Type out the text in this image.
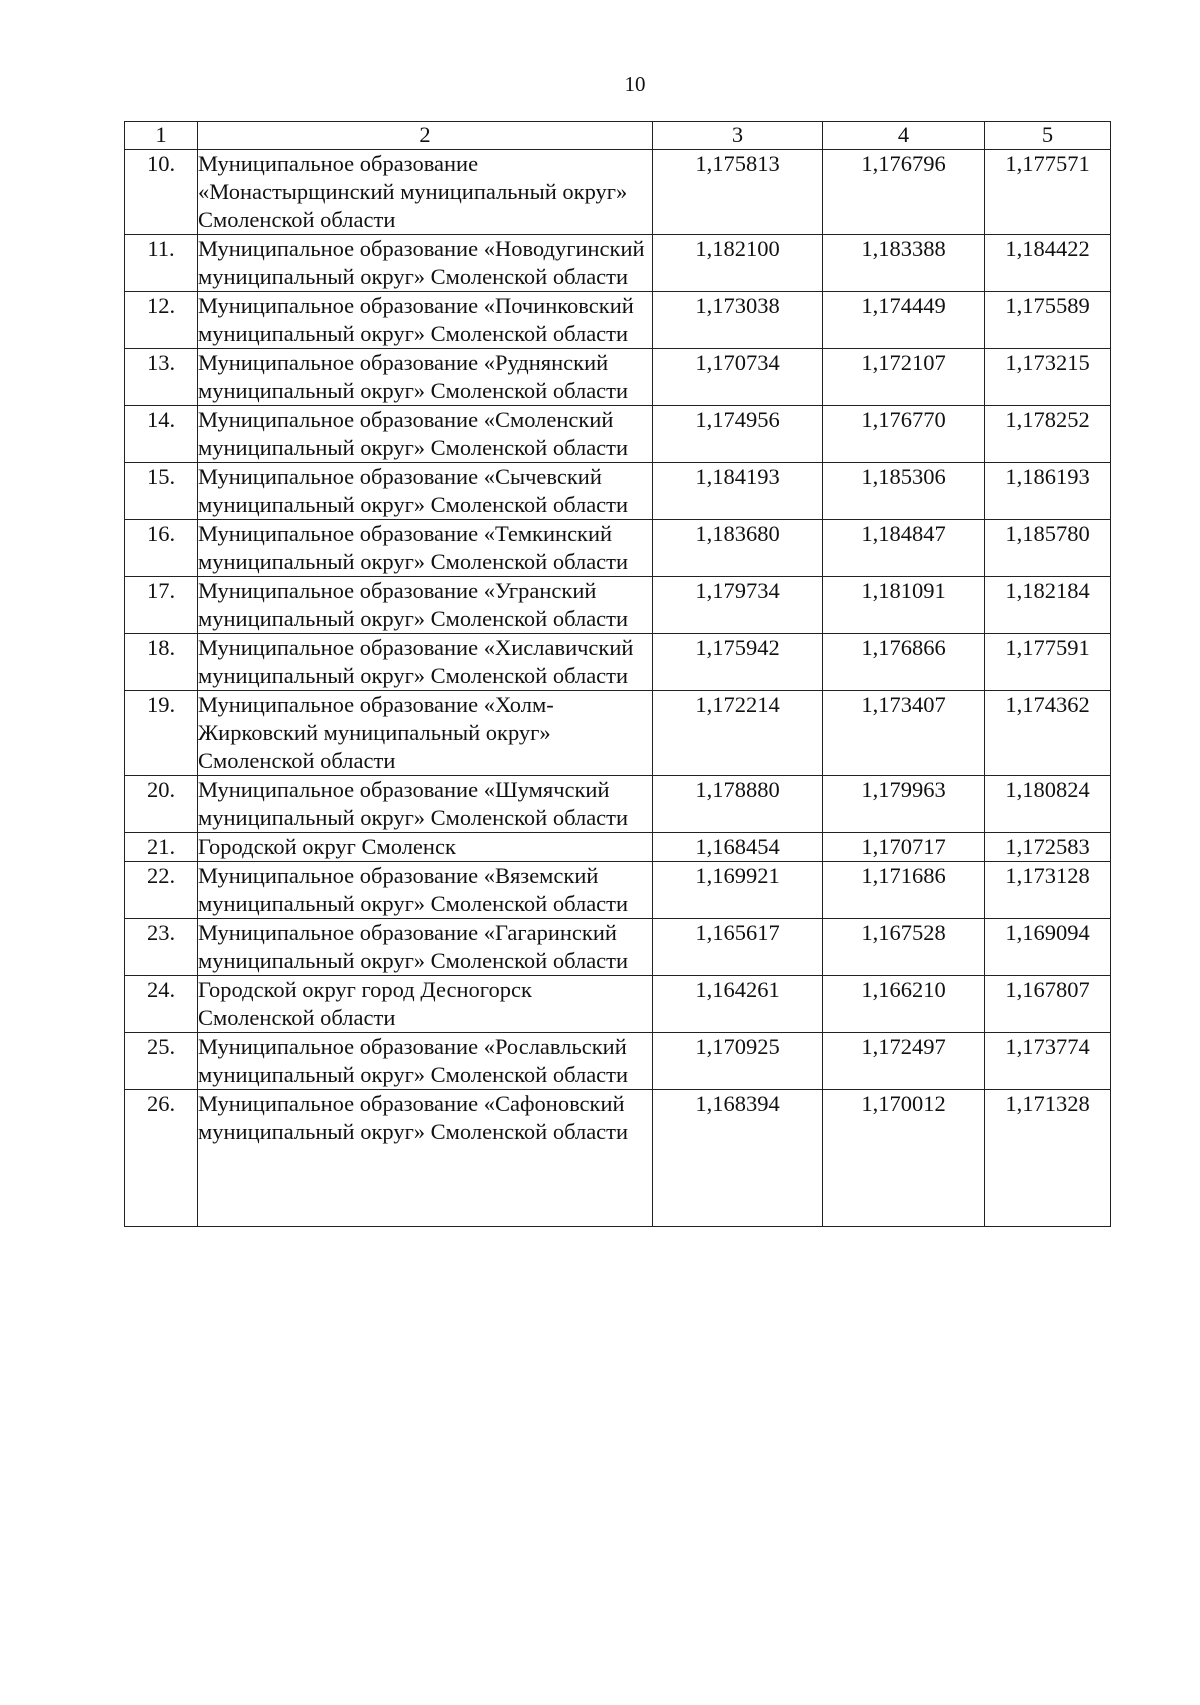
10
1	2	3	4	5
10.	Муниципальное образование «Монастырщинский муниципальный округ» Смоленской области	1,175813	1,176796	1,177571
11.	Муниципальное образование «Новодугинский муниципальный округ» Смоленской области	1,182100	1,183388	1,184422
12.	Муниципальное образование «Починковский муниципальный округ» Смоленской области	1,173038	1,174449	1,175589
13.	Муниципальное образование «Руднянский муниципальный округ» Смоленской области	1,170734	1,172107	1,173215
14.	Муниципальное образование «Смоленский муниципальный округ» Смоленской области	1,174956	1,176770	1,178252
15.	Муниципальное образование «Сычевский муниципальный округ» Смоленской области	1,184193	1,185306	1,186193
16.	Муниципальное образование «Темкинский муниципальный округ» Смоленской области	1,183680	1,184847	1,185780
17.	Муниципальное образование «Угранский муниципальный округ» Смоленской области	1,179734	1,181091	1,182184
18.	Муниципальное образование «Хиславичский муниципальный округ» Смоленской области	1,175942	1,176866	1,177591
19.	Муниципальное образование «Холм-Жирковский муниципальный округ» Смоленской области	1,172214	1,173407	1,174362
20.	Муниципальное образование «Шумячский муниципальный округ» Смоленской области	1,178880	1,179963	1,180824
21.	Городской округ Смоленск	1,168454	1,170717	1,172583
22.	Муниципальное образование «Вяземский муниципальный округ» Смоленской области	1,169921	1,171686	1,173128
23.	Муниципальное образование «Гагаринский муниципальный округ» Смоленской области	1,165617	1,167528	1,169094
24.	Городской округ город Десногорск Смоленской области	1,164261	1,166210	1,167807
25.	Муниципальное образование «Рославльский муниципальный округ» Смоленской области	1,170925	1,172497	1,173774
26.	Муниципальное образование «Сафоновский муниципальный округ» Смоленской области	1,168394	1,170012	1,171328
